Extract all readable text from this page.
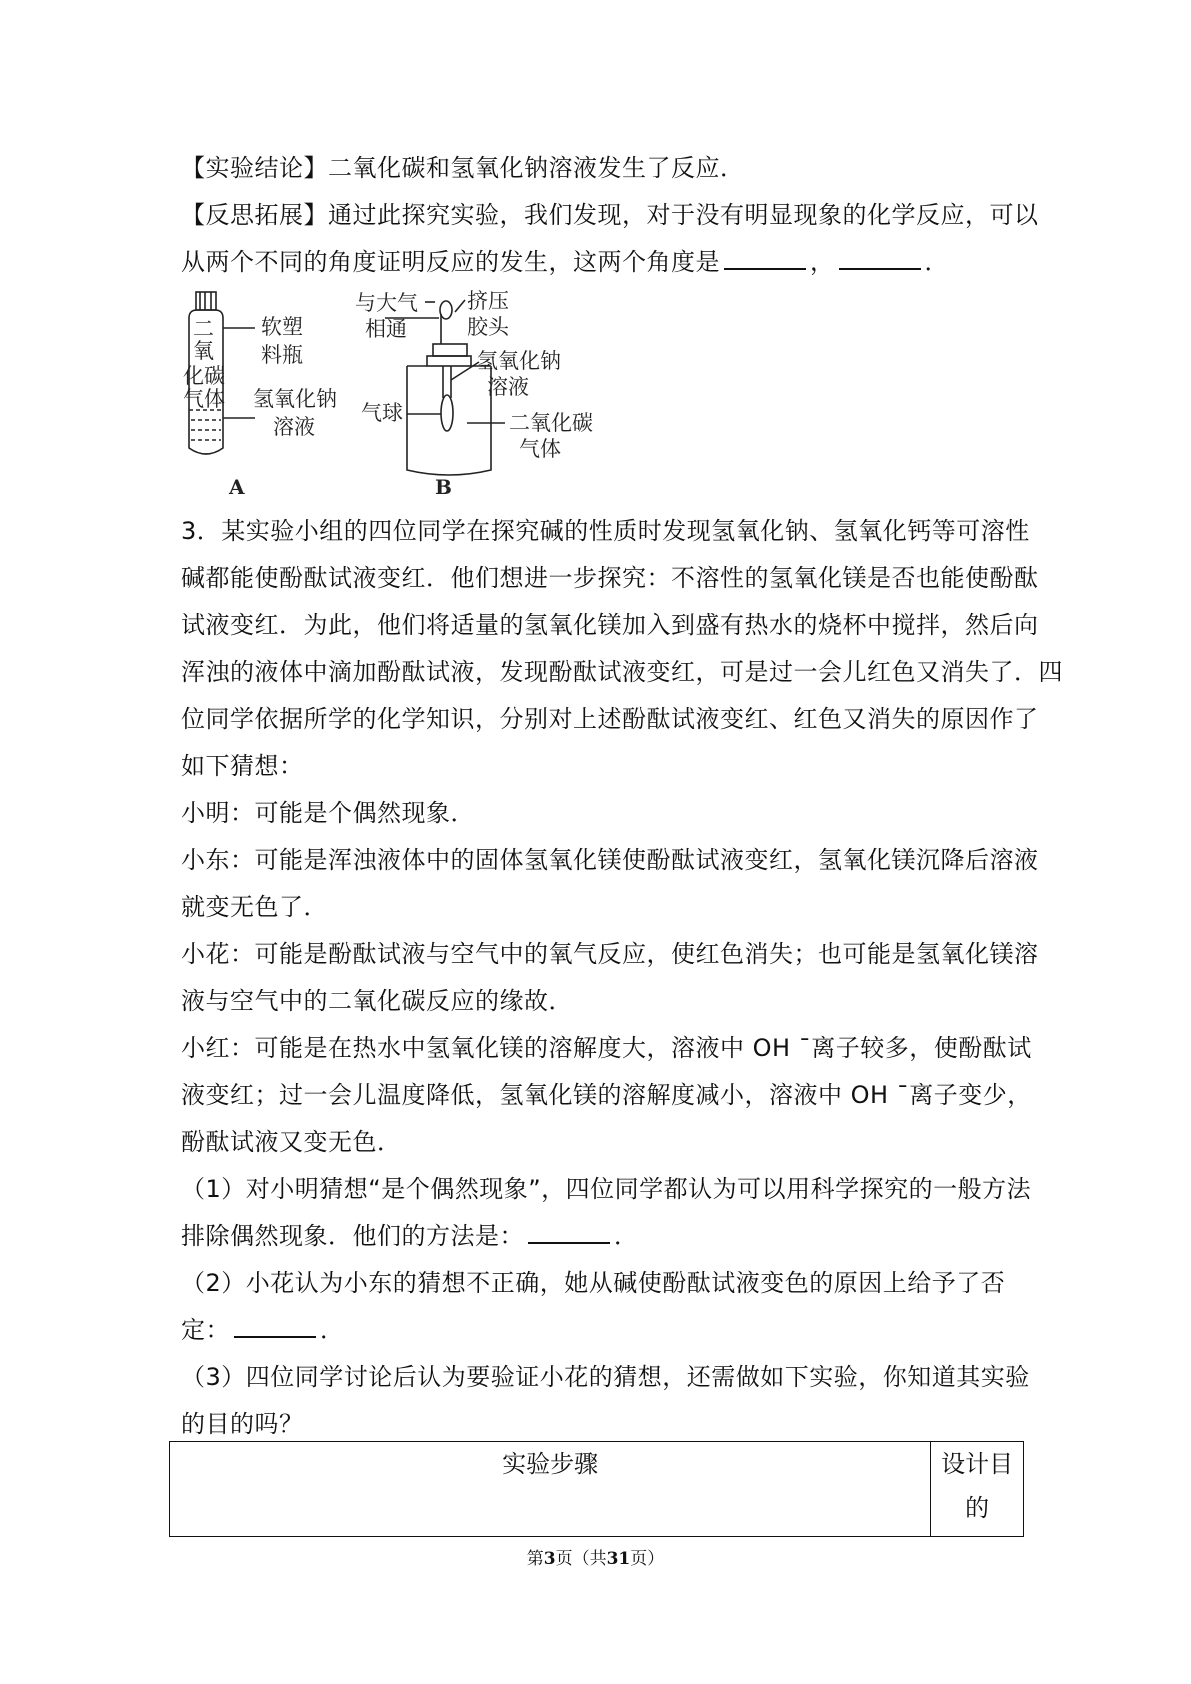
【实验结论】二氧化碳和氢氧化钠溶液发生了反应．
【反思拓展】通过此探究实验，我们发现，对于没有明显现象的化学反应，可以
从两个不同的角度证明反应的发生，这两个角度是	，	．
二
氧
化碳
气体
软塑
料瓶
氢氧化钠
溶液
A
与大气
相通
挤压
胶头
氢氧化钠
溶液
气球	二氧化碳
气体
B
3．某实验小组的四位同学在探究碱的性质时发现氢氧化钠、氢氧化钙等可溶性
碱都能使酚酞试液变红．他们想进一步探究：不溶性的氢氧化镁是否也能使酚酞
试液变红．为此，他们将适量的氢氧化镁加入到盛有热水的烧杯中搅拌，然后向
浑浊的液体中滴加酚酞试液，发现酚酞试液变红，可是过一会儿红色又消失了．四
位同学依据所学的化学知识，分别对上述酚酞试液变红、红色又消失的原因作了
如下猜想：
小明：可能是个偶然现象．
小东：可能是浑浊液体中的固体氢氧化镁使酚酞试液变红，氢氧化镁沉降后溶液
就变无色了．
小花：可能是酚酞试液与空气中的氧气反应，使红色消失；也可能是氢氧化镁溶
液与空气中的二氧化碳反应的缘故．
小红：可能是在热水中氢氧化镁的溶解度大，溶液中 OH ¯离子较多，使酚酞试
液变红；过一会儿温度降低，氢氧化镁的溶解度减小，溶液中 OH ¯离子变少，
酚酞试液又变无色．
（1）对小明猜想“是个偶然现象”，四位同学都认为可以用科学探究的一般方法
排除偶然现象．他们的方法是：	．
（2）小花认为小东的猜想不正确，她从碱使酚酞试液变色的原因上给予了否
定：	．
（3）四位同学讨论后认为要验证小花的猜想，还需做如下实验，你知道其实验
的目的吗？
实验步骤	设计目
的
第3页（共31页）
